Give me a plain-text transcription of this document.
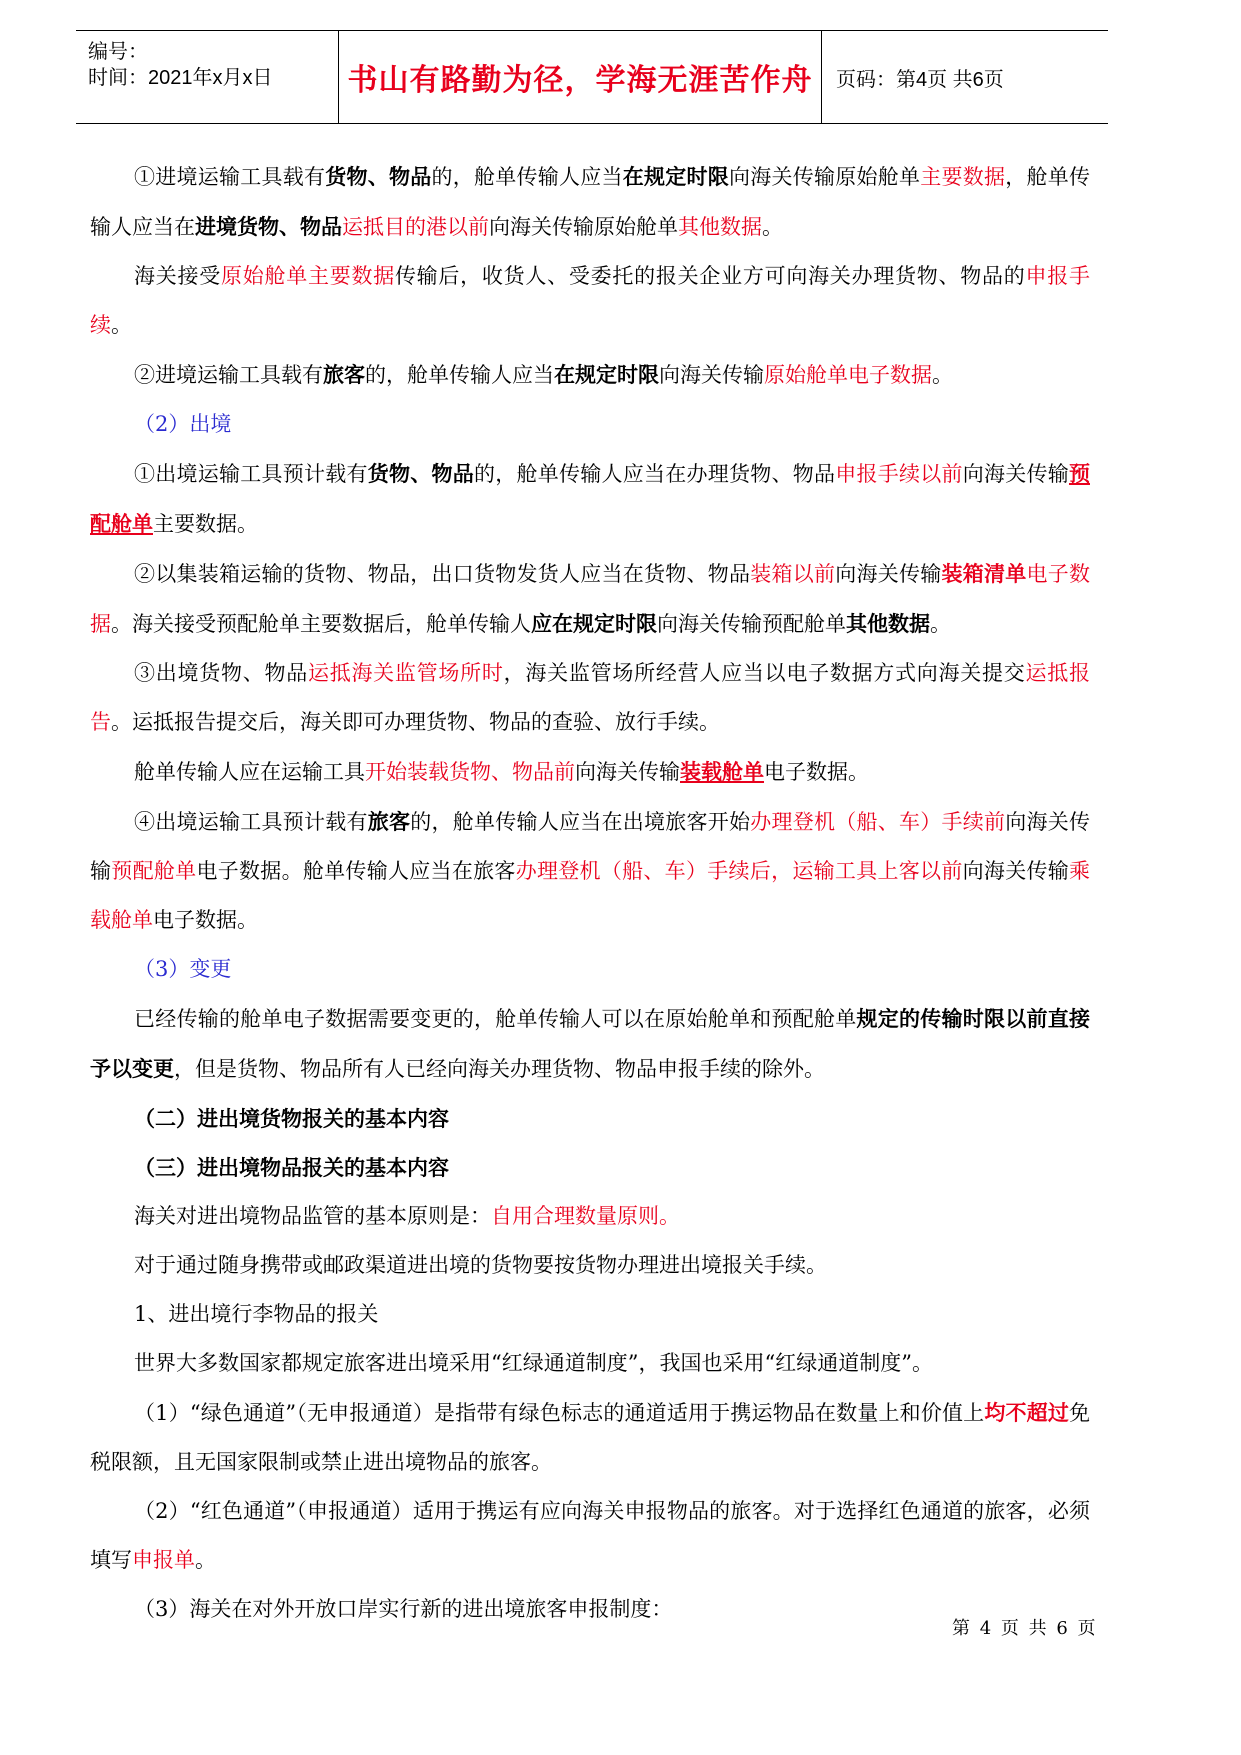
编号：
时间：2021年x月x日	书山有路勤为径，学海无涯苦作舟 页码：第4页 共6页

①进境运输工具载有货物、物品的，舱单传输人应当在规定时限向海关传输原始舱单主要数据，舱单传输人应当在进境货物、物品运抵目的港以前向海关传输原始舱单其他数据。

海关接受原始舱单主要数据传输后，收货人、受委托的报关企业方可向海关办理货物、物品的申报手续。

②进境运输工具载有旅客的，舱单传输人应当在规定时限向海关传输原始舱单电子数据。

（2）出境

①出境运输工具预计载有货物、物品的，舱单传输人应当在办理货物、物品申报手续以前向海关传输预配舱单主要数据。

②以集装箱运输的货物、物品，出口货物发货人应当在货物、物品装箱以前向海关传输装箱清单电子数据。海关接受预配舱单主要数据后，舱单传输人应在规定时限向海关传输预配舱单其他数据。

③出境货物、物品运抵海关监管场所时，海关监管场所经营人应当以电子数据方式向海关提交运抵报告。运抵报告提交后，海关即可办理货物、物品的查验、放行手续。

舱单传输人应在运输工具开始装载货物、物品前向海关传输装载舱单电子数据。

④出境运输工具预计载有旅客的，舱单传输人应当在出境旅客开始办理登机（船、车）手续前向海关传输预配舱单电子数据。舱单传输人应当在旅客办理登机（船、车）手续后，运输工具上客以前向海关传输乘载舱单电子数据。

（3）变更

已经传输的舱单电子数据需要变更的，舱单传输人可以在原始舱单和预配舱单规定的传输时限以前直接予以变更，但是货物、物品所有人已经向海关办理货物、物品申报手续的除外。

（二）进出境货物报关的基本内容

（三）进出境物品报关的基本内容

海关对进出境物品监管的基本原则是：自用合理数量原则。

对于通过随身携带或邮政渠道进出境的货物要按货物办理进出境报关手续。

1、进出境行李物品的报关

世界大多数国家都规定旅客进出境采用“红绿通道制度”，我国也采用“红绿通道制度”。

（1）“绿色通道”（无申报通道）是指带有绿色标志的通道适用于携运物品在数量上和价值上均不超过免税限额，且无国家限制或禁止进出境物品的旅客。

（2）“红色通道”（申报通道）适用于携运有应向海关申报物品的旅客。对于选择红色通道的旅客，必须填写申报单。

（3）海关在对外开放口岸实行新的进出境旅客申报制度：

第 4 页 共 6 页
